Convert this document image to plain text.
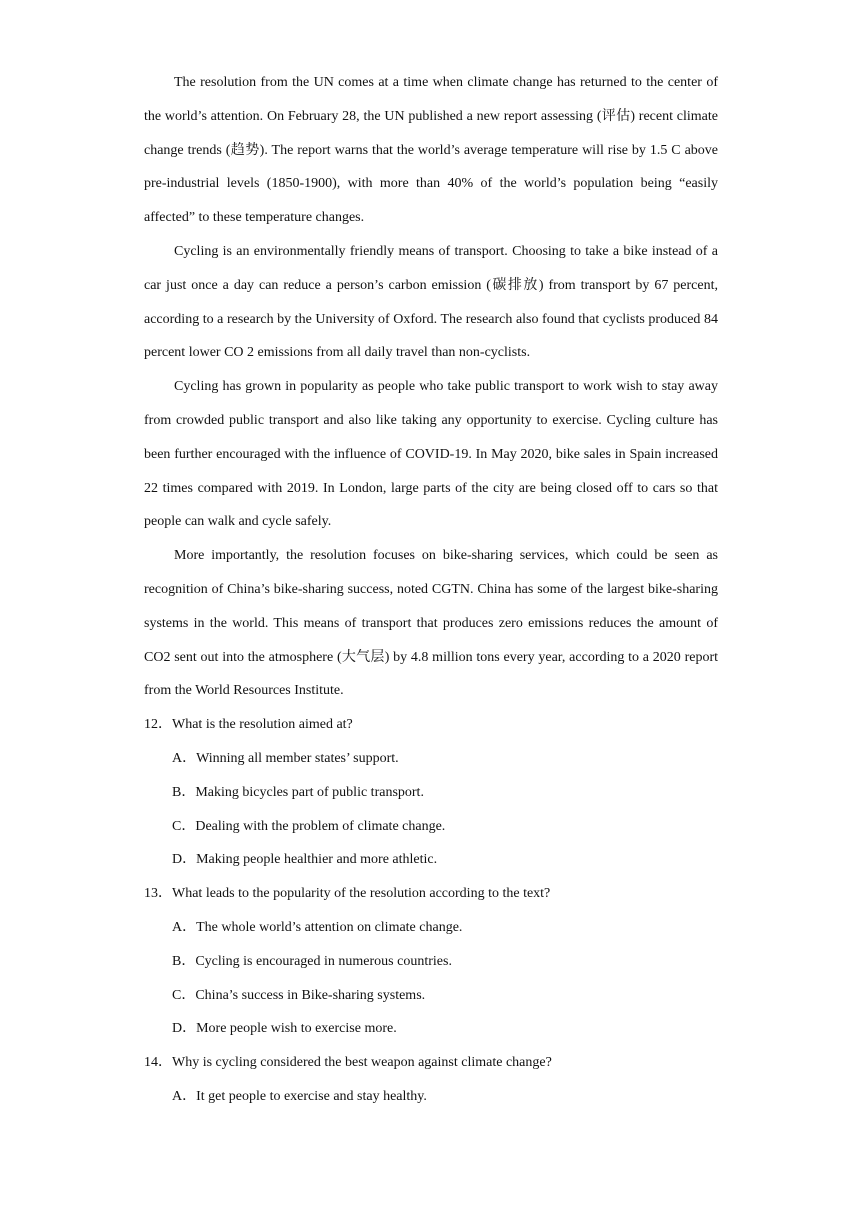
The resolution from the UN comes at a time when climate change has returned to the center of the world’s attention. On February 28, the UN published a new report assessing (评估) recent climate change trends (趋势). The report warns that the world’s average temperature will rise by 1.5 C above pre-industrial levels (1850-1900), with more than 40% of the world’s population being “easily affected” to these temperature changes.

Cycling is an environmentally friendly means of transport. Choosing to take a bike instead of a car just once a day can reduce a person’s carbon emission (碳排放) from transport by 67 percent, according to a research by the University of Oxford. The research also found that cyclists produced 84 percent lower CO 2 emissions from all daily travel than non-cyclists.

Cycling has grown in popularity as people who take public transport to work wish to stay away from crowded public transport and also like taking any opportunity to exercise. Cycling culture has been further encouraged with the influence of COVID-19. In May 2020, bike sales in Spain increased 22 times compared with 2019. In London, large parts of the city are being closed off to cars so that people can walk and cycle safely.

More importantly, the resolution focuses on bike-sharing services, which could be seen as recognition of China’s bike-sharing success, noted CGTN. China has some of the largest bike-sharing systems in the world. This means of transport that produces zero emissions reduces the amount of CO2 sent out into the atmosphere (大气层) by 4.8 million tons every year, according to a 2020 report from the World Resources Institute.

12．What is the resolution aimed at?

A．Winning all member states’ support.

B．Making bicycles part of public transport.

C．Dealing with the problem of climate change.

D．Making people healthier and more athletic.

13．What leads to the popularity of the resolution according to the text?

A．The whole world’s attention on climate change.

B．Cycling is encouraged in numerous countries.

C．China’s success in Bike-sharing systems.

D．More people wish to exercise more.

14．Why is cycling considered the best weapon against climate change?

A．It get people to exercise and stay healthy.
